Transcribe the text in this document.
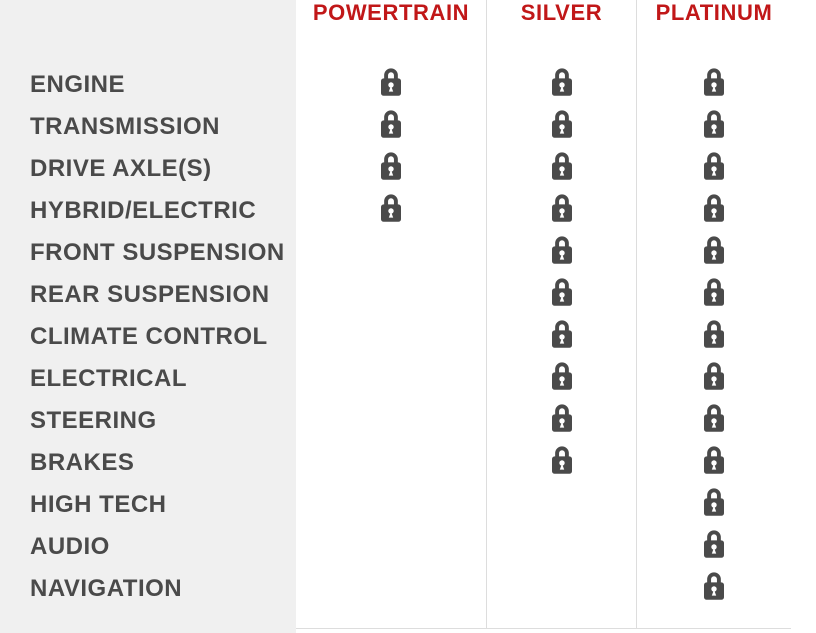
POWERTRAIN	SILVER	PLATINUM
ENGINE
TRANSMISSION
DRIVE AXLE(S)
HYBRID/ELECTRIC
FRONT SUSPENSION
REAR SUSPENSION
CLIMATE CONTROL
ELECTRICAL
STEERING
BRAKES
HIGH TECH
AUDIO
NAVIGATION
